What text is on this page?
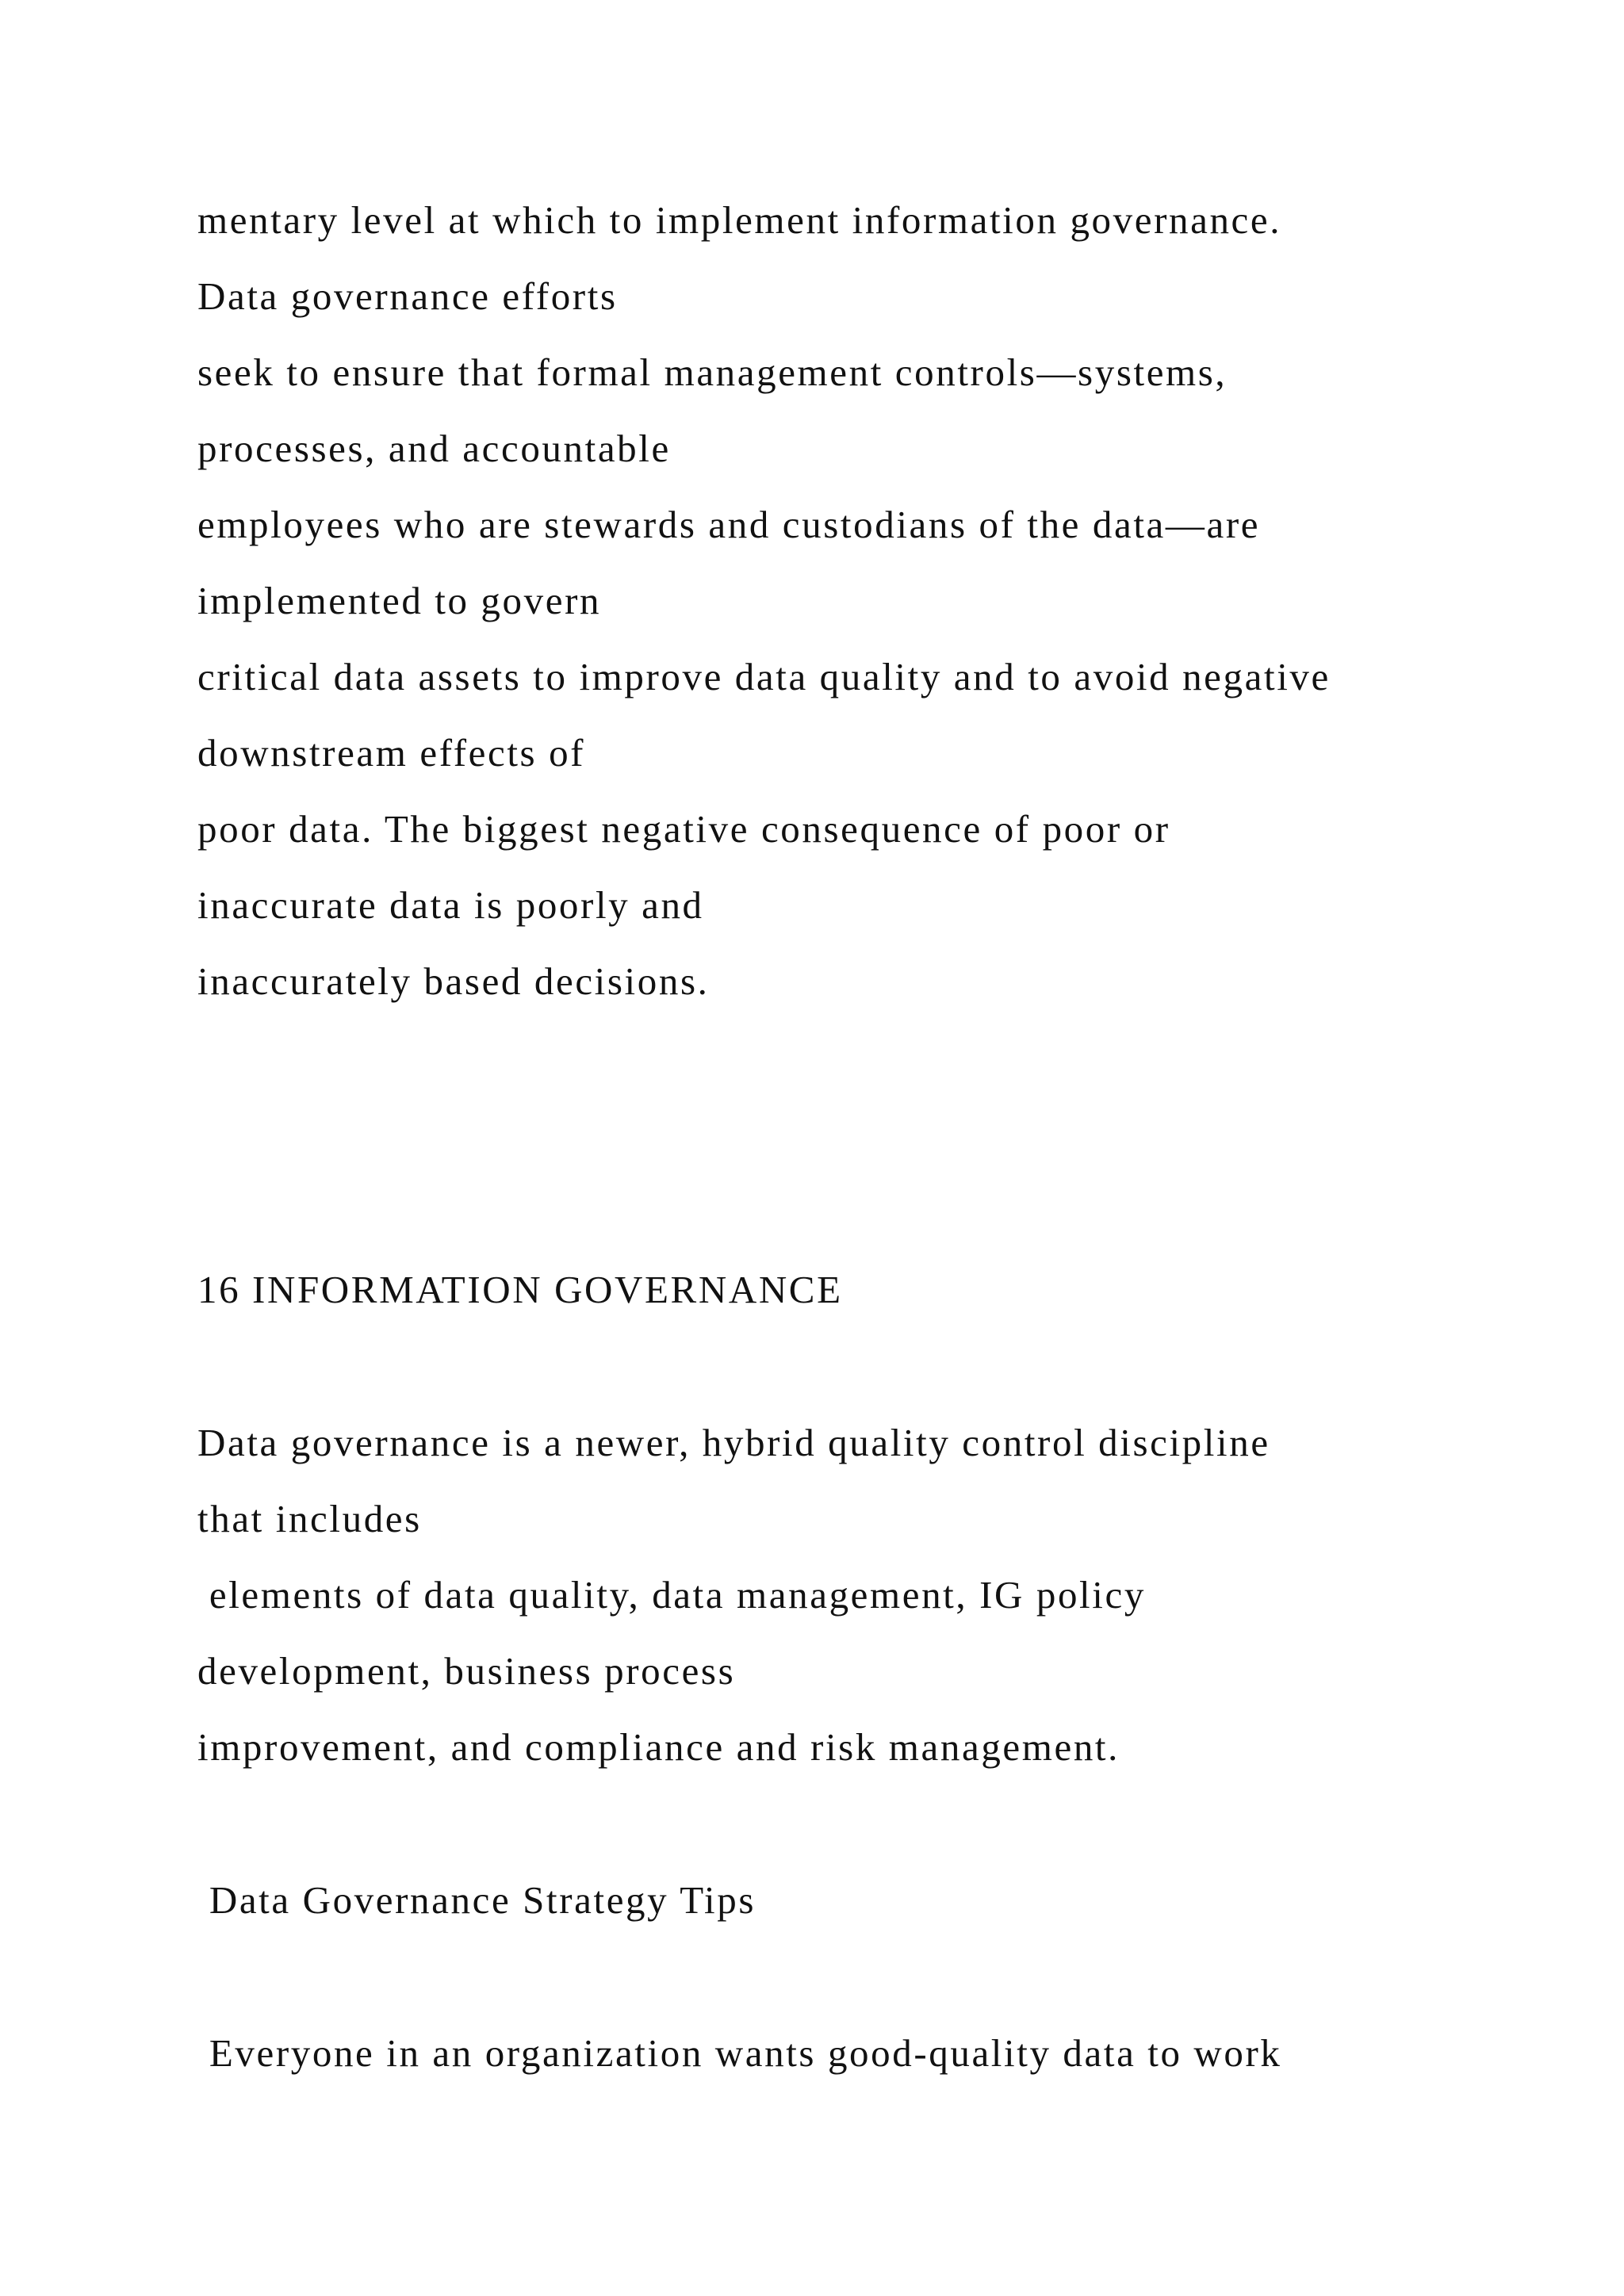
mentary level at which to implement information governance.

Data governance efforts

seek to ensure that formal management controls—systems,

processes, and accountable

employees who are stewards and custodians of the data—are

implemented to govern

critical data assets to improve data quality and to avoid negative

downstream effects of

poor data. The biggest negative consequence of poor or

inaccurate data is poorly and

inaccurately based decisions.

16 INFORMATION GOVERNANCE

Data governance is a newer, hybrid quality control discipline

that includes

elements of data quality, data management, IG policy

development, business process

improvement, and compliance and risk management.

Data Governance Strategy Tips

Everyone in an organization wants good-quality data to work
